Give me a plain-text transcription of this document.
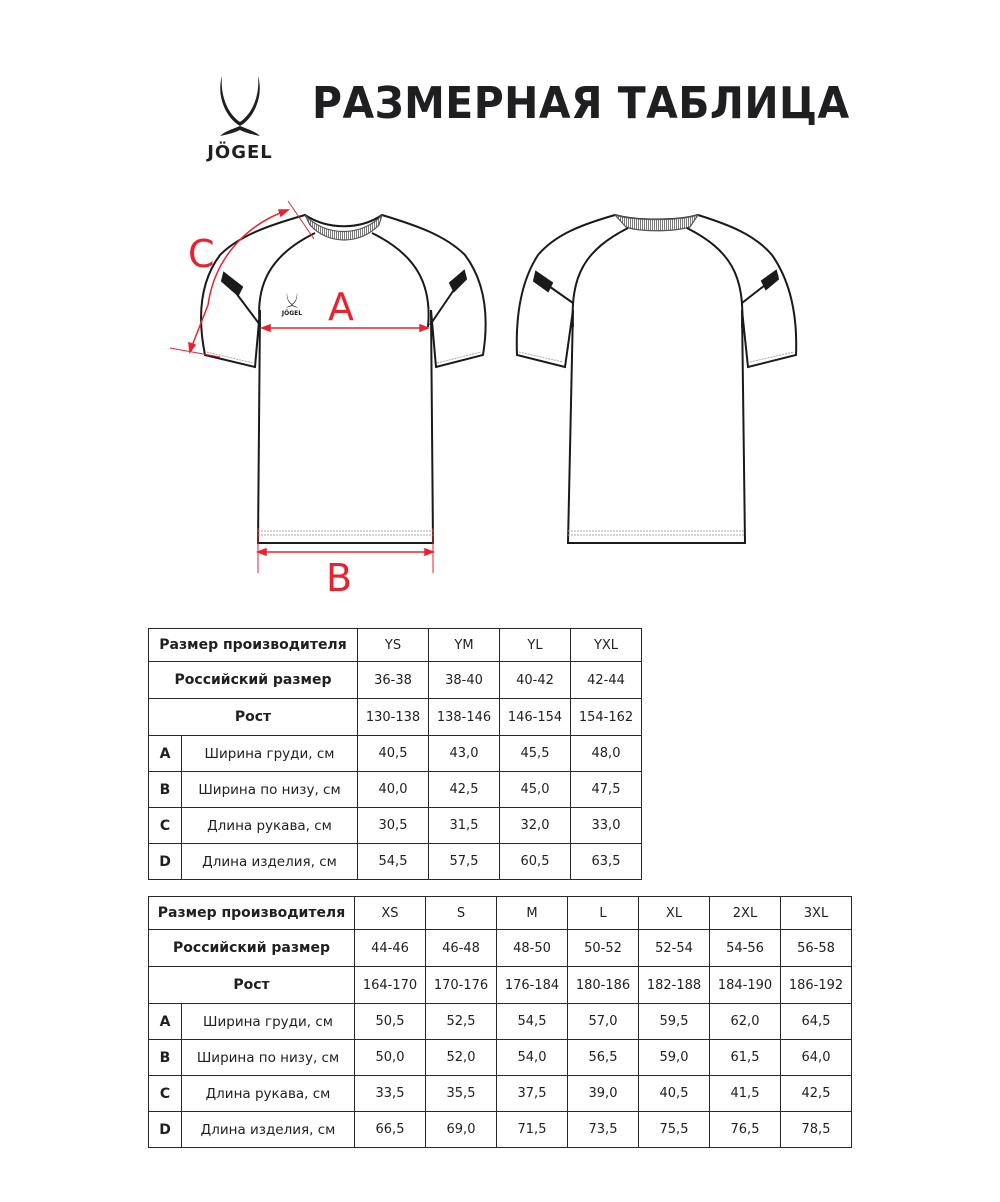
JÖGEL
РАЗМЕРНАЯ ТАБЛИЦА
JÖGEL
C
A
B
Размер производителя		YS	YM	YL	YXL
Российский размер		36-38	38-40	40-42	42-44
Рост		130-138	138-146	146-154	154-162
A	Ширина груди, см	40,5	43,0	45,5	48,0
B	Ширина по низу, см	40,0	42,5	45,0	47,5
C	Длина рукава, см	30,5	31,5	32,0	33,0
D	Длина изделия, см	54,5	57,5	60,5	63,5
Размер производителя		XS	S	M	L	XL	2XL	3XL
Российский размер		44-46	46-48	48-50	50-52	52-54	54-56	56-58
Рост		164-170	170-176	176-184	180-186	182-188	184-190	186-192
A	Ширина груди, см	50,5	52,5	54,5	57,0	59,5	62,0	64,5
B	Ширина по низу, см	50,0	52,0	54,0	56,5	59,0	61,5	64,0
C	Длина рукава, см	33,5	35,5	37,5	39,0	40,5	41,5	42,5
D	Длина изделия, см	66,5	69,0	71,5	73,5	75,5	76,5	78,5
